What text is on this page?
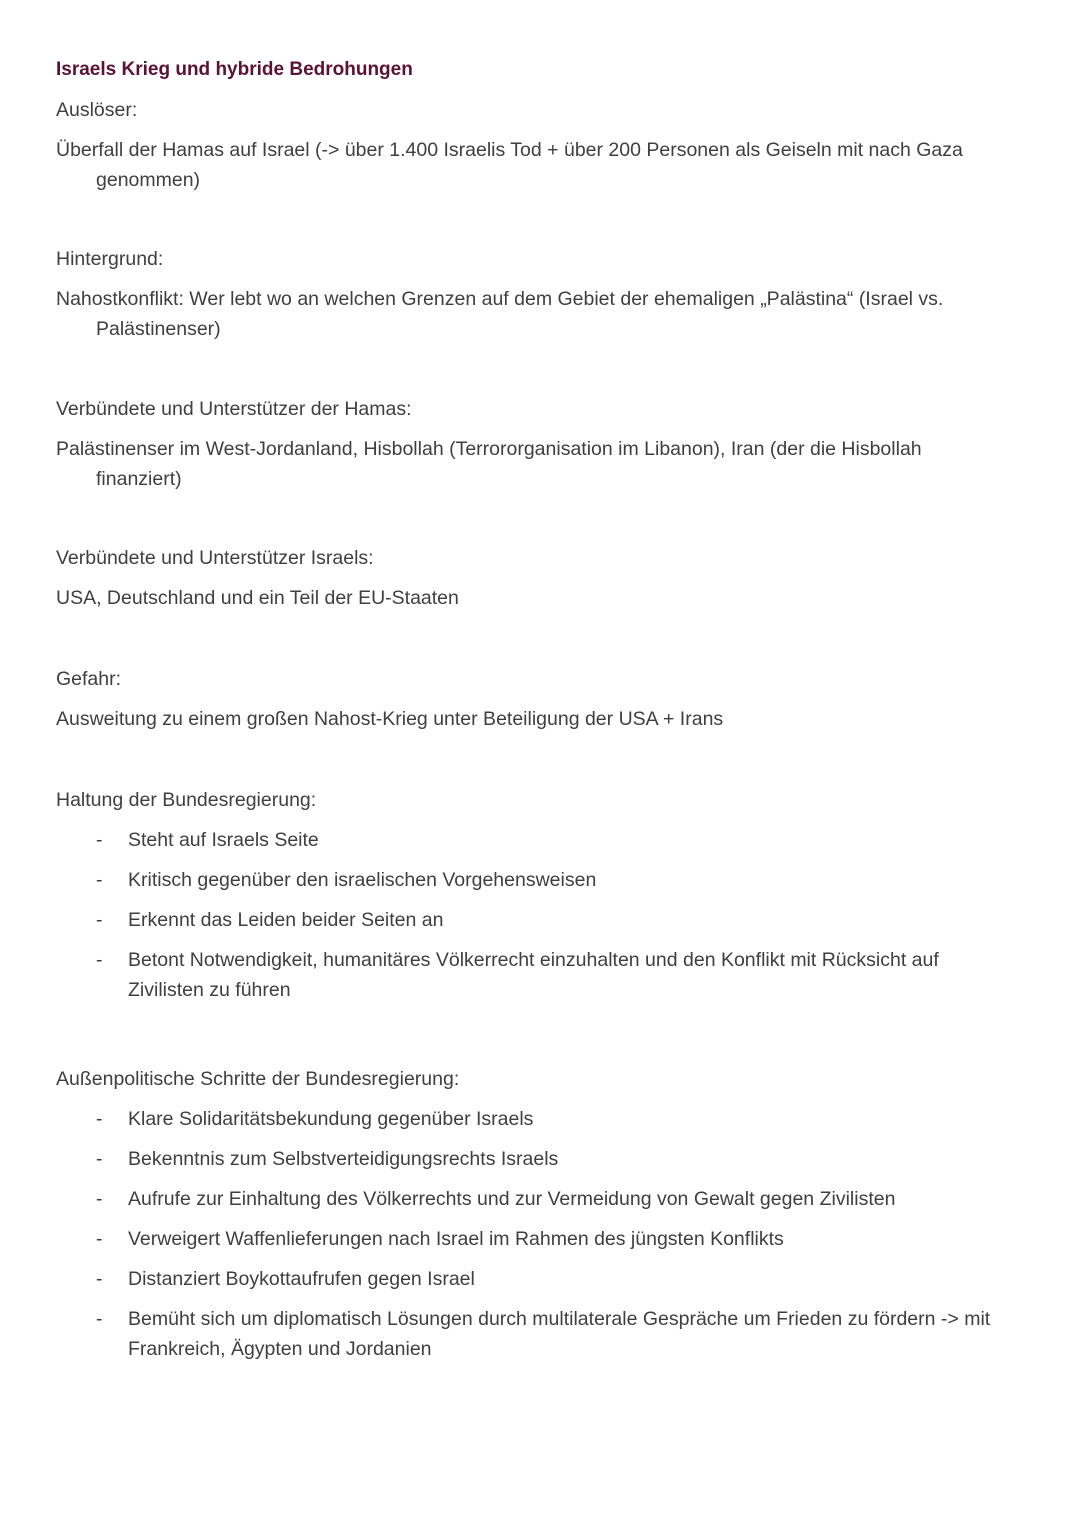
Israels Krieg und hybride Bedrohungen
Auslöser:
Überfall der Hamas auf Israel (-> über 1.400 Israelis Tod + über 200 Personen als Geiseln mit nach Gaza genommen)
Hintergrund:
Nahostkonflikt: Wer lebt wo an welchen Grenzen auf dem Gebiet der ehemaligen „Palästina“ (Israel vs. Palästinenser)
Verbündete und Unterstützer der Hamas:
Palästinenser im West-Jordanland, Hisbollah (Terrororganisation im Libanon), Iran (der die Hisbollah finanziert)
Verbündete und Unterstützer Israels:
USA, Deutschland und ein Teil der EU-Staaten
Gefahr:
Ausweitung zu einem großen Nahost-Krieg unter Beteiligung der USA + Irans
Haltung der Bundesregierung:
- Steht auf Israels Seite
- Kritisch gegenüber den israelischen Vorgehensweisen
- Erkennt das Leiden beider Seiten an
- Betont Notwendigkeit, humanitäres Völkerrecht einzuhalten und den Konflikt mit Rücksicht auf Zivilisten zu führen
Außenpolitische Schritte der Bundesregierung:
- Klare Solidaritätsbekundung gegenüber Israels
- Bekenntnis zum Selbstverteidigungsrechts Israels
- Aufrufe zur Einhaltung des Völkerrechts und zur Vermeidung von Gewalt gegen Zivilisten
- Verweigert Waffenlieferungen nach Israel im Rahmen des jüngsten Konflikts
- Distanziert Boykottaufrufen gegen Israel
- Bemüht sich um diplomatisch Lösungen durch multilaterale Gespräche um Frieden zu fördern -> mit Frankreich, Ägypten und Jordanien
